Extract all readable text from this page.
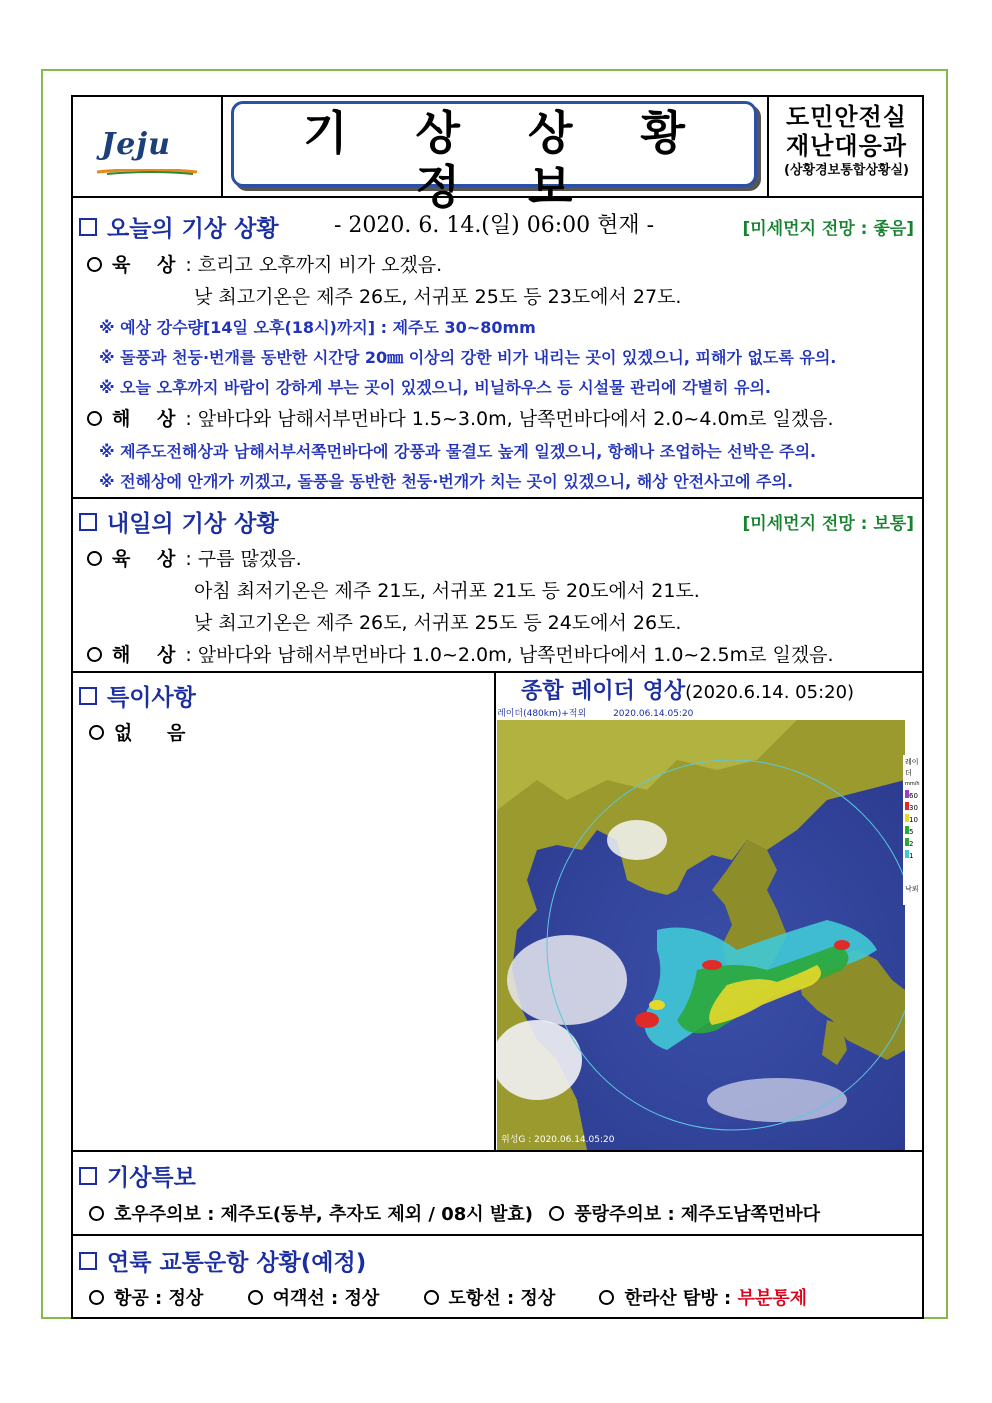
Jeju	기 상 상 황 정 보
- 2020. 6. 14.(일) 06:00 현재 -
도민안전실
재난대응과
(상황경보통합상황실)
오늘의 기상 상황	[미세먼지 전망 : 좋음]
육 상: 흐리고 오후까지 비가 오겠음.
낮 최고기온은 제주 26도, 서귀포 25도 등 23도에서 27도.
※ 예상 강수량[14일 오후(18시)까지] : 제주도 30~80mm
※ 돌풍과 천둥·번개를 동반한 시간당 20㎜ 이상의 강한 비가 내리는 곳이 있겠으니, 피해가 없도록 유의.
※ 오늘 오후까지 바람이 강하게 부는 곳이 있겠으니, 비닐하우스 등 시설물 관리에 각별히 유의.
해 상: 앞바다와 남해서부먼바다 1.5~3.0m, 남쪽먼바다에서 2.0~4.0m로 일겠음.
※ 제주도전해상과 남해서부서쪽먼바다에 강풍과 물결도 높게 일겠으니, 항해나 조업하는 선박은 주의.
※ 전해상에 안개가 끼겠고, 돌풍을 동반한 천둥·번개가 치는 곳이 있겠으니, 해상 안전사고에 주의.
내일의 기상 상황	[미세먼지 전망 : 보통]
육 상: 구름 많겠음.
아침 최저기온은 제주 21도, 서귀포 21도 등 20도에서 21도.
낮 최고기온은 제주 26도, 서귀포 25도 등 24도에서 26도.
해 상: 앞바다와 남해서부먼바다 1.0~2.0m, 남쪽먼바다에서 1.0~2.5m로 일겠음.
특이사항
없 음
종합 레이더 영상(2020.6.14. 05:20)
레이더(480km)+적외	2020.06.14.05:20
레이더
mm/h
60
30
10
5
2
1
낙뢰
위성G : 2020.06.14.05:20
기상특보
호우주의보 : 제주도(동부, 추자도 제외 / 08시 발효) 풍랑주의보 : 제주도남쪽먼바다
연륙 교통운항 상황(예정)
항공 : 정상	여객선 : 정상	도항선 : 정상	한라산 탐방 : 부분통제
